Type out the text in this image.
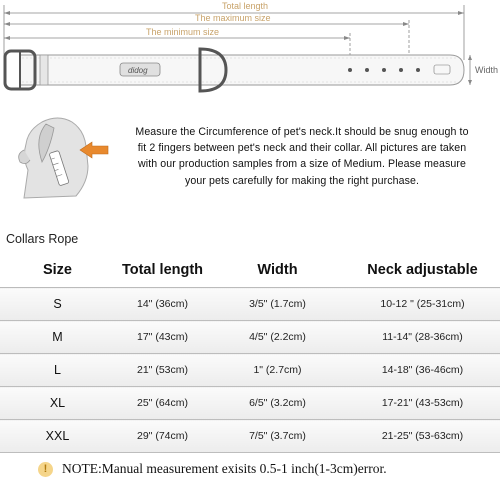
Total length
The maximum size
The minimum size
Width
didog
Measure the Circumference of pet's neck.It should be snug enough to fit 2 fingers between pet's neck and their collar. All pictures are taken with our production samples from a size of Medium. Please measure your pets carefully for making the right purchase.
Collars Rope
Size	Total length	Width	Neck adjustable
S	14" (36cm)	3/5" (1.7cm)	10-12 " (25-31cm)
M	17" (43cm)	4/5" (2.2cm)	11-14" (28-36cm)
L	21" (53cm)	1" (2.7cm)	14-18" (36-46cm)
XL	25" (64cm)	6/5" (3.2cm)	17-21" (43-53cm)
XXL	29" (74cm)	7/5" (3.7cm)	21-25" (53-63cm)
!	NOTE:Manual measurement exisits 0.5-1 inch(1-3cm)error.
